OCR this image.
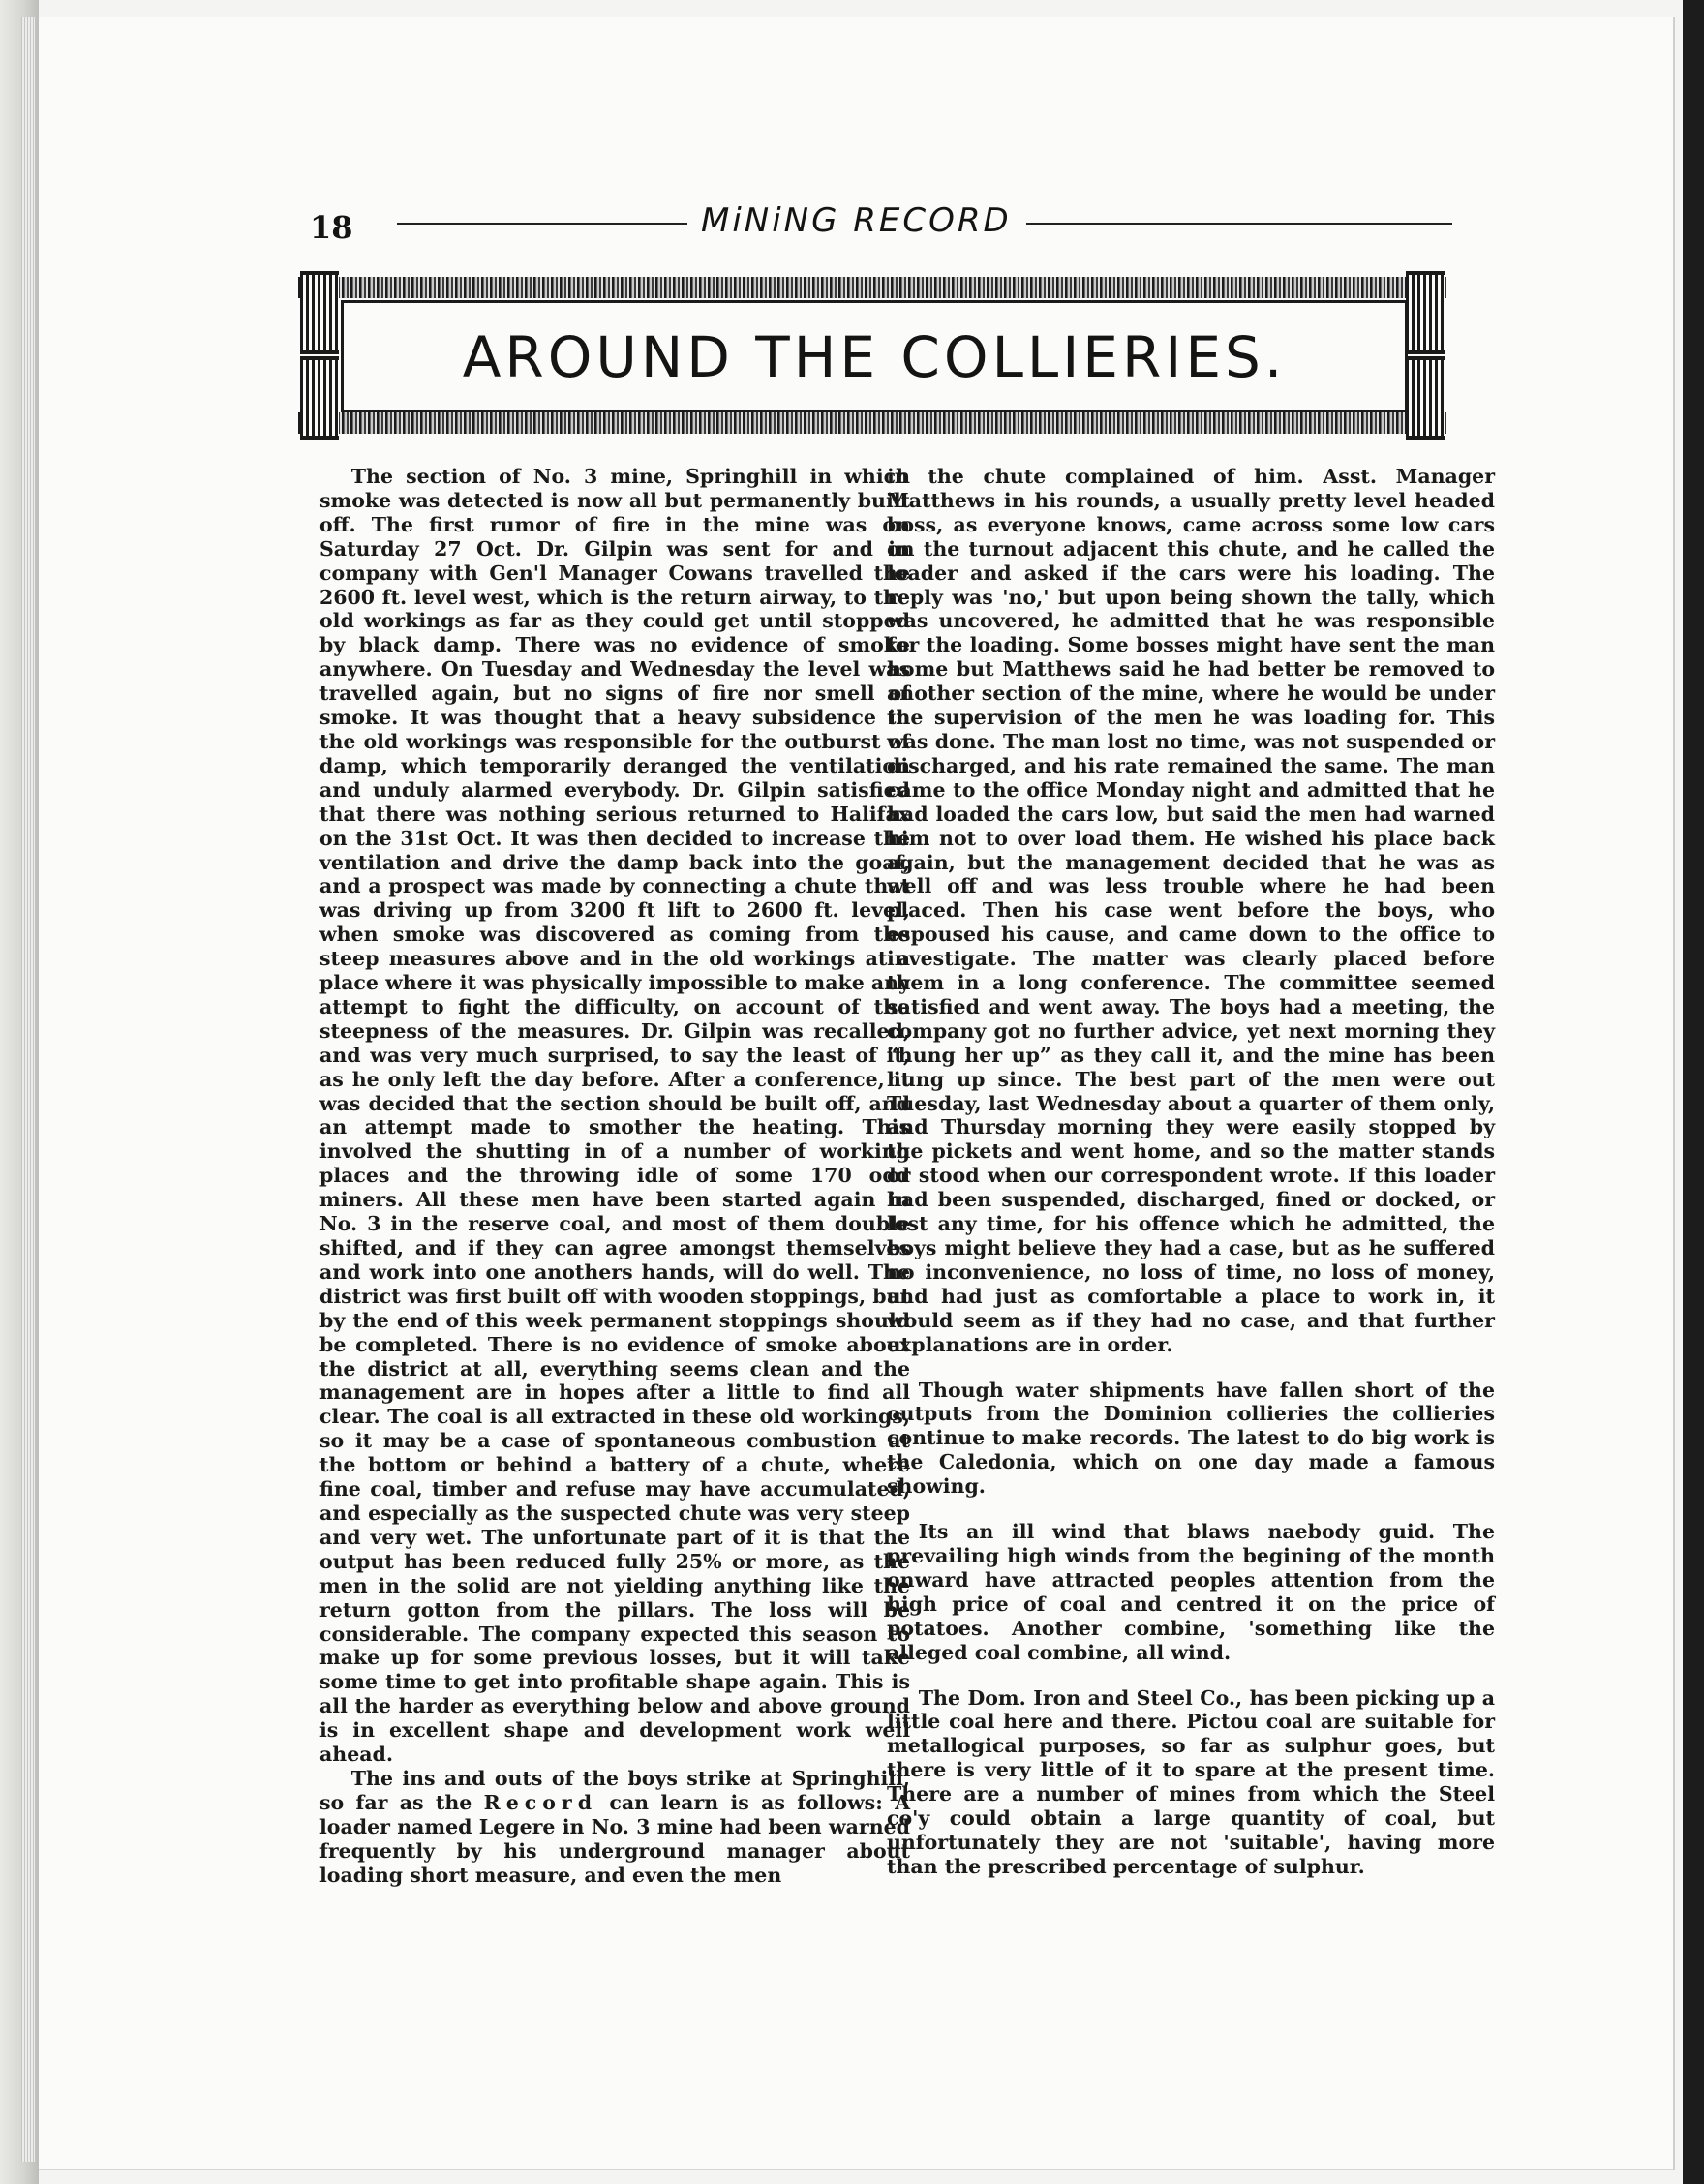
18	MiNiNG RECORD
AROUND THE COLLIERIES.

The section of No. 3 mine, Springhill in which smoke was detected is now all but permanently built off. The first rumor of fire in the mine was on Saturday 27 Oct. Dr. Gilpin was sent for and in company with Gen'l Manager Cowans travelled the 2600 ft. level west, which is the return airway, to the old workings as far as they could get until stopped by black damp. There was no evidence of smoke anywhere. On Tuesday and Wednesday the level was travelled again, but no signs of fire nor smell of smoke. It was thought that a heavy subsidence in the old workings was responsible for the outburst of damp, which temporarily deranged the ventilation and unduly alarmed everybody. Dr. Gilpin satisfied that there was nothing serious returned to Halifax on the 31st Oct. It was then decided to increase the ventilation and drive the damp back into the goaf, and a prospect was made by connecting a chute that was driving up from 3200 ft lift to 2600 ft. level, when smoke was discovered as coming from the steep measures above and in the old workings at a place where it was physically impossible to make any attempt to fight the difficulty, on account of the steepness of the measures. Dr. Gilpin was recalled, and was very much surprised, to say the least of it, as he only left the day before. After a conference, it was decided that the section should be built off, and an attempt made to smother the heating. This involved the shutting in of a number of working places and the throwing idle of some 170 odd miners. All these men have been started again in No. 3 in the reserve coal, and most of them double shifted, and if they can agree amongst themselves and work into one anothers hands, will do well. The district was first built off with wooden stoppings, but by the end of this week permanent stoppings should be completed. There is no evidence of smoke about the district at all, everything seems clean and the management are in hopes after a little to find all clear. The coal is all extracted in these old workings, so it may be a case of spontaneous combustion at the bottom or behind a battery of a chute, where fine coal, timber and refuse may have accumulated, and especially as the suspected chute was very steep and very wet. The unfortunate part of it is that the output has been reduced fully 25% or more, as the men in the solid are not yielding anything like the return gotton from the pillars. The loss will be considerable. The company expected this season to make up for some previous losses, but it will take some time to get into profitable shape again. This is all the harder as everything below and above ground is in excellent shape and development work well ahead.

The ins and outs of the boys strike at Springhill, so far as the Record can learn is as follows: A loader named Legere in No. 3 mine had been warned frequently by his underground manager about loading short measure, and even the men

in the chute complained of him. Asst. Manager Matthews in his rounds, a usually pretty level headed boss, as everyone knows, came across some low cars on the turnout adjacent this chute, and he called the loader and asked if the cars were his loading. The reply was 'no,' but upon being shown the tally, which was uncovered, he admitted that he was responsible for the loading. Some bosses might have sent the man home but Matthews said he had better be removed to another section of the mine, where he would be under the supervision of the men he was loading for. This was done. The man lost no time, was not suspended or discharged, and his rate remained the same. The man came to the office Monday night and admitted that he had loaded the cars low, but said the men had warned him not to over load them. He wished his place back again, but the management decided that he was as well off and was less trouble where he had been placed. Then his case went before the boys, who espoused his cause, and came down to the office to investigate. The matter was clearly placed before them in a long conference. The committee seemed satisfied and went away. The boys had a meeting, the company got no further advice, yet next morning they “hung her up” as they call it, and the mine has been hung up since. The best part of the men were out Tuesday, last Wednesday about a quarter of them only, and Thursday morning they were easily stopped by the pickets and went home, and so the matter stands or stood when our correspondent wrote. If this loader had been suspended, discharged, fined or docked, or lost any time, for his offence which he admitted, the boys might believe they had a case, but as he suffered no inconvenience, no loss of time, no loss of money, and had just as comfortable a place to work in, it would seem as if they had no case, and that further explanations are in order.

Though water shipments have fallen short of the outputs from the Dominion collieries the collieries continue to make records. The latest to do big work is the Caledonia, which on one day made a famous showing.

Its an ill wind that blaws naebody guid. The prevailing high winds from the begining of the month onward have attracted peoples attention from the high price of coal and centred it on the price of potatoes. Another combine, 'something like the alleged coal combine, all wind.

The Dom. Iron and Steel Co., has been picking up a little coal here and there. Pictou coal are suitable for metallogical purposes, so far as sulphur goes, but there is very little of it to spare at the present time. There are a number of mines from which the Steel co'y could obtain a large quantity of coal, but unfortunately they are not 'suitable', having more than the prescribed percentage of sulphur.
